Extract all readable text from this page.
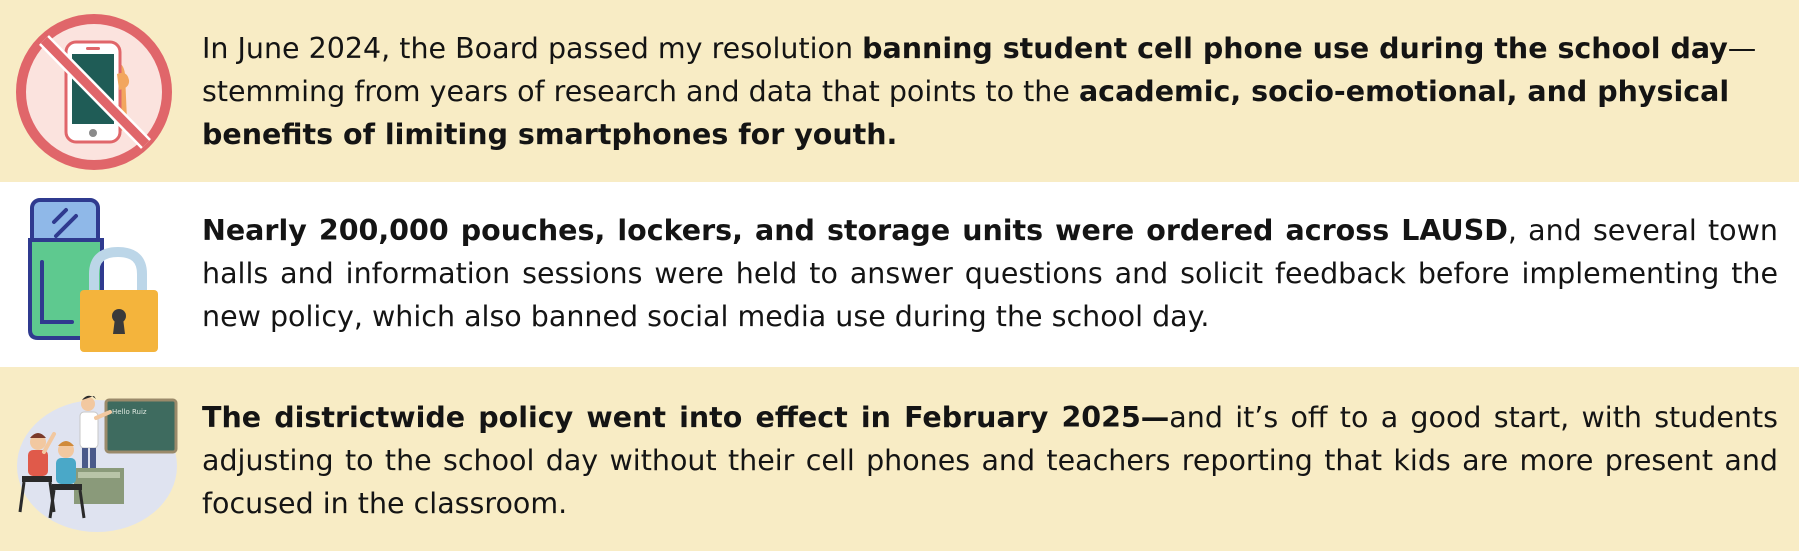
In June 2024, the Board passed my resolution banning student cell phone use during the school day—stemming from years of research and data that points to the academic, socio-emotional, and physical benefits of limiting smartphones for youth.
Nearly 200,000 pouches, lockers, and storage units were ordered across LAUSD, and several town halls and information sessions were held to answer questions and solicit feedback before implementing the new policy, which also banned social media use during the school day.
Hello Ruiz The districtwide policy went into effect in February 2025—and it’s off to a good start, with students adjusting to the school day without their cell phones and teachers reporting that kids are more present and focused in the classroom.
